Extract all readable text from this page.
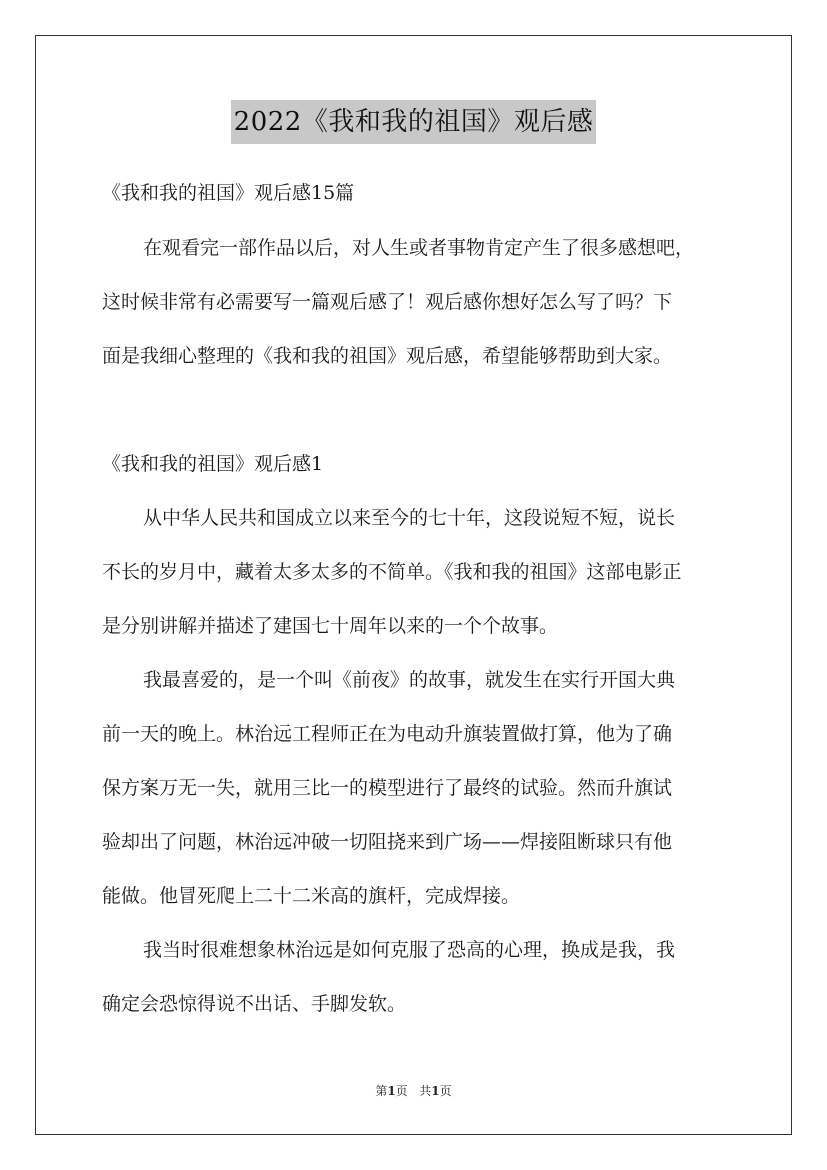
2022《我和我的祖国》观后感
《我和我的祖国》观后感15篇
在观看完一部作品以后，对人生或者事物肯定产生了很多感想吧，
这时候非常有必需要写一篇观后感了！观后感你想好怎么写了吗？下
面是我细心整理的《我和我的祖国》观后感，希望能够帮助到大家。
《我和我的祖国》观后感1
从中华人民共和国成立以来至今的七十年，这段说短不短，说长
不长的岁月中，藏着太多太多的不简单。《我和我的祖国》这部电影正
是分别讲解并描述了建国七十周年以来的一个个故事。
我最喜爱的，是一个叫《前夜》的故事，就发生在实行开国大典
前一天的晚上。林治远工程师正在为电动升旗装置做打算，他为了确
保方案万无一失，就用三比一的模型进行了最终的试验。然而升旗试
验却出了问题，林治远冲破一切阻挠来到广场——焊接阻断球只有他
能做。他冒死爬上二十二米高的旗杆，完成焊接。
我当时很难想象林治远是如何克服了恐高的心理，换成是我，我
确定会恐惊得说不出话、手脚发软。
第1页 共1页
